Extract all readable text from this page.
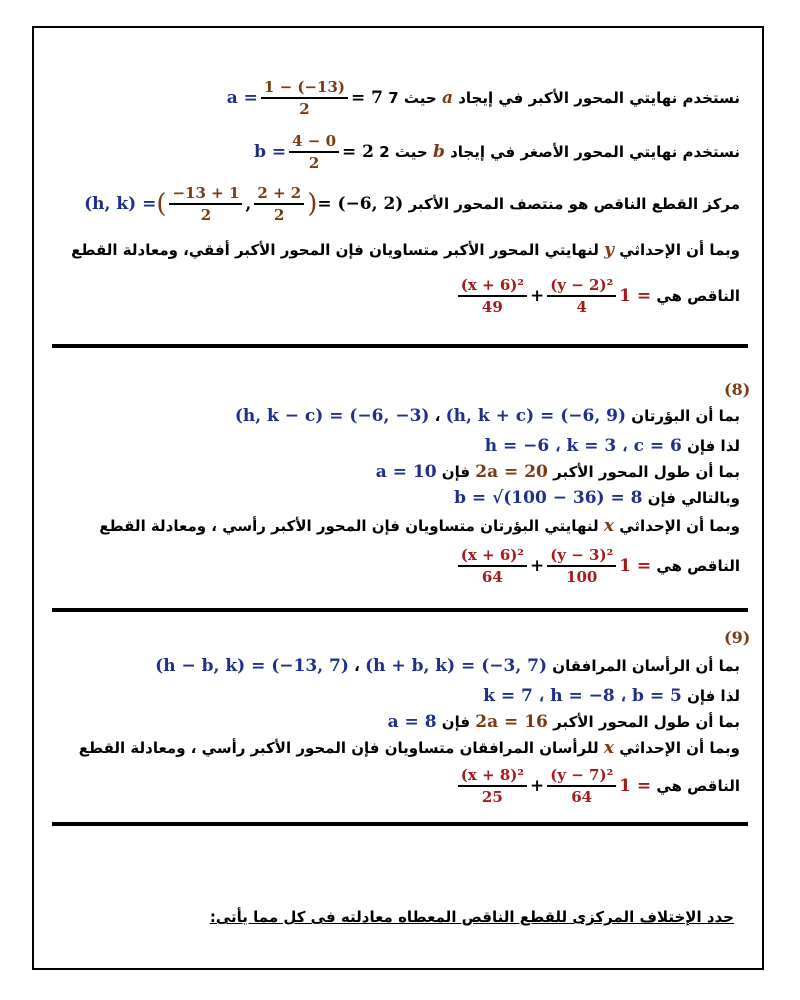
نستخدم نهايتي المحور الأكبر في إيجاد

a

حيث 7

$a = \frac{1 - (-13)}{2} = 7$
نستخدم نهايتي المحور الأصغر في إيجاد

b

حيث 2

$b = \frac{4 - 0}{2} = 2$
مركز القطع الناقص هو منتصف المحور الأكبر

(h, k) = ( $\frac{-13 + 1}{2}$ , $\frac{2 + 2}{2}$ ) = (−6, 2)
وبما أن الإحداثي

y

لنهايتي المحور الأكبر متساويان فإن المحور الأكبر أفقي، ومعادلة القطع
الناقص هي

$\frac{\text{(x + 6)²}}{49} + \frac{\text{(y − 2)²}}{4} 1$ =
(8)
بما أن البؤرتان

(h, k + c) = (−6, 9)

،

(h, k − c) = (−6, −3)
لذا فإن

h = −6 ، k = 3 ، c = 6
بما أن طول المحور الأكبر

2a = 20

فإن

a = 10
وبالتالي فإن

b = √(100 − 36) = 8
وبما أن الإحداثي

x

لنهايتي البؤرتان متساويان فإن المحور الأكبر رأسي ، ومعادلة القطع
الناقص هي

$\frac{\text{(x + 6)²}}{64} + \frac{\text{(y − 3)²}}{100} 1$ =
(9)
بما أن الرأسان المرافقان

(h + b, k) = (−3, 7)

،

(h − b, k) = (−13, 7)
لذا فإن

k = 7 ، h = −8 ، b = 5
بما أن طول المحور الأكبر

2a = 16

فإن

a = 8
وبما أن الإحداثي

x

للرأسان المرافقان متساويان فإن المحور الأكبر رأسي ، ومعادلة القطع
الناقص هي

$\frac{\text{(x + 8)²}}{25} + \frac{\text{(y − 7)²}}{64} 1$ =
حدد الإختلاف المركزى للقطع الناقص المعطاه معادلته فى كل مما يأتى:
